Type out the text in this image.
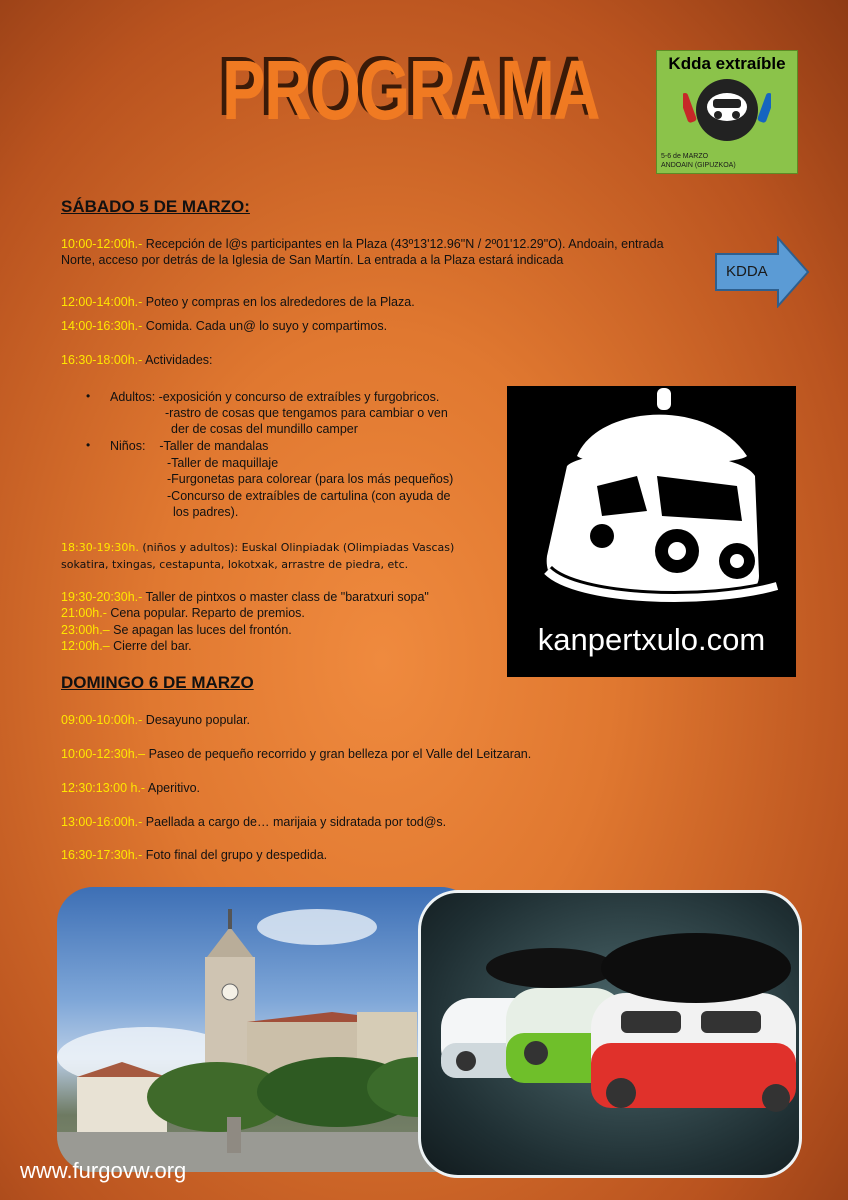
PROGRAMA	Kdda extraíble
5-6 de MARZO
ANDOAIN (GIPUZKOA)
SÁBADO 5 DE MARZO:
10:00-12:00h.- Recepción de l@s participantes en la Plaza (43º13'12.96"N / 2º01'12.29"O). Andoain, entrada
Norte, acceso por detrás de la Iglesia de San Martín. La entrada a la Plaza estará indicada
12:00-14:00h.- Poteo y compras en los alrededores de la Plaza.
14:00-16:30h.- Comida. Cada un@ lo suyo y compartimos.
16:30-18:00h.- Actividades:
KDDA
• Adultos: -exposición y concurso de extraíbles y furgobricos.
-rastro de cosas que tengamos para cambiar o ven
der de cosas del mundillo camper
• Niños:    -Taller de mandalas
-Taller de maquillaje
-Furgonetas para colorear (para los más pequeños)
-Concurso de extraíbles de cartulina (con ayuda de
los padres).
18:30-19:30h. (niños y adultos): Euskal Olinpiadak (Olimpiadas Vascas)
sokatira, txingas, cestapunta, lokotxak, arrastre de piedra, etc.
19:30-20:30h.- Taller de pintxos o master class de "baratxuri sopa"
21:00h.- Cena popular. Reparto de premios.
23:00h.– Se apagan las luces del frontón.
12:00h.– Cierre del bar.	kanpertxulo.com
DOMINGO 6 DE MARZO
09:00-10:00h.- Desayuno popular.
10:00-12:30h.– Paseo de pequeño recorrido y gran belleza por el Valle del Leitzaran.
12:30:13:00 h.- Aperitivo.
13:00-16:00h.- Paellada a cargo de… marijaia y sidratada por tod@s.
16:30-17:30h.- Foto final del grupo y despedida.
www.furgovw.org
